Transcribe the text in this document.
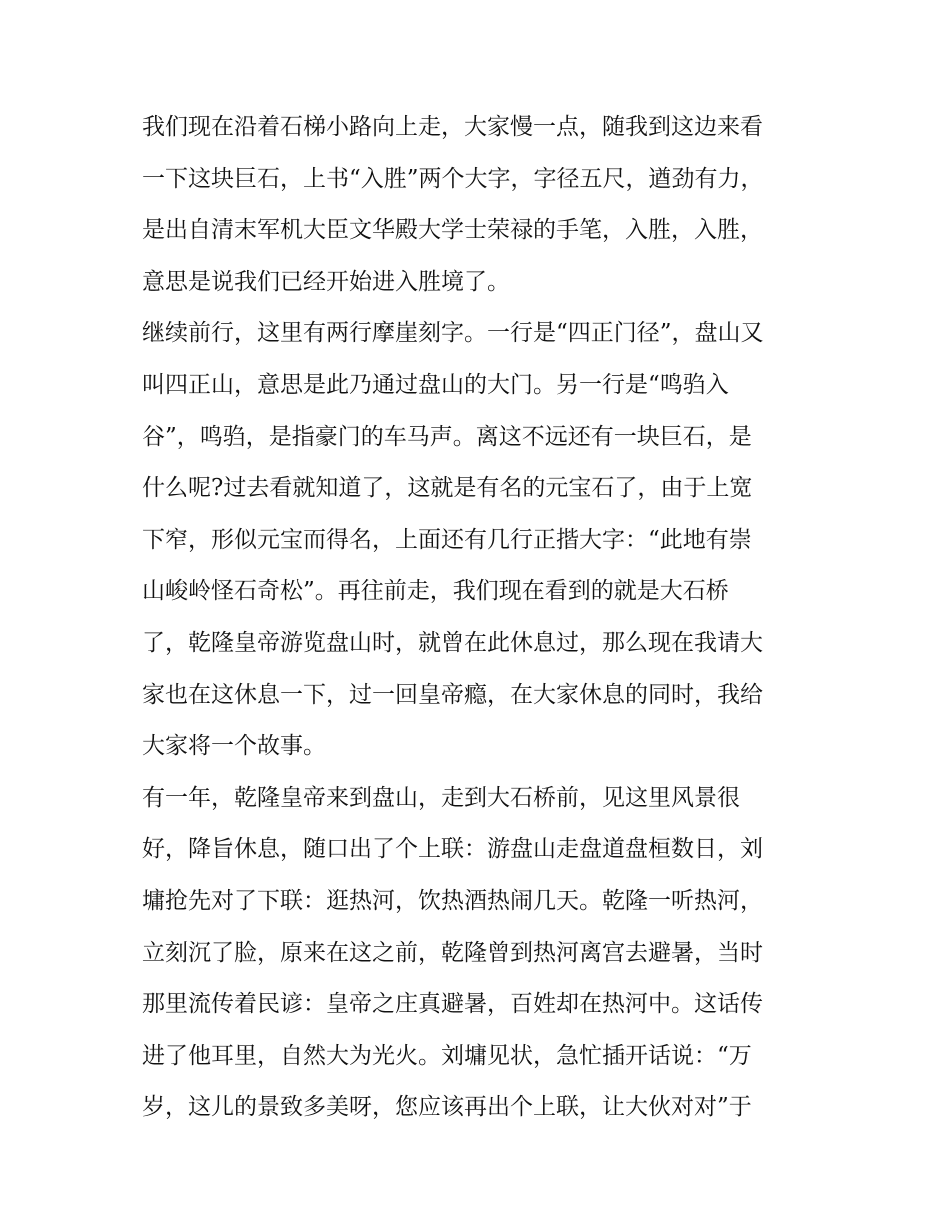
我们现在沿着石梯小路向上走，大家慢一点，随我到这边来看
一下这块巨石，上书“入胜”两个大字，字径五尺，遒劲有力，
是出自清末军机大臣文华殿大学士荣禄的手笔，入胜，入胜，
意思是说我们已经开始进入胜境了。
继续前行，这里有两行摩崖刻字。一行是“四正门径”，盘山又
叫四正山，意思是此乃通过盘山的大门。另一行是“鸣驺入
谷”，鸣驺，是指豪门的车马声。离这不远还有一块巨石，是
什么呢?过去看就知道了，这就是有名的元宝石了，由于上宽
下窄，形似元宝而得名，上面还有几行正揩大字：“此地有崇
山峻岭怪石奇松”。再往前走，我们现在看到的就是大石桥
了，乾隆皇帝游览盘山时，就曾在此休息过，那么现在我请大
家也在这休息一下，过一回皇帝瘾，在大家休息的同时，我给
大家将一个故事。
有一年，乾隆皇帝来到盘山，走到大石桥前，见这里风景很
好，降旨休息，随口出了个上联：游盘山走盘道盘桓数日，刘
墉抢先对了下联：逛热河，饮热酒热闹几天。乾隆一听热河，
立刻沉了脸，原来在这之前，乾隆曾到热河离宫去避暑，当时
那里流传着民谚：皇帝之庄真避暑，百姓却在热河中。这话传
进了他耳里，自然大为光火。刘墉见状，急忙插开话说：“万
岁，这儿的景致多美呀，您应该再出个上联，让大伙对对”于
